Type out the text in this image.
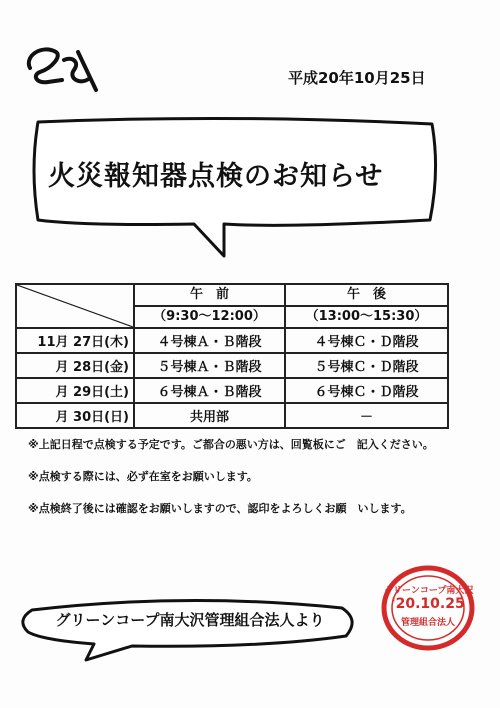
平成20年10月25日
火災報知器点検のお知らせ
	午　前	午　後
	（9:30～12:00）	（13:00～15:30）
11月 27日(木)	４号棟Ａ・Ｂ階段	４号棟Ｃ・Ｄ階段
月 28日(金)	５号棟Ａ・Ｂ階段	５号棟Ｃ・Ｄ階段
月 29日(土)	６号棟Ａ・Ｂ階段	６号棟Ｃ・Ｄ階段
月 30日(日)	共用部	－
※上記日程で点検する予定です。ご都合の悪い方は、回覧板にご　記入ください。
※点検する際には、必ず在室をお願いします。
※点検終了後には確認をお願いしますので、認印をよろしくお願　いします。
グリーンコープ南大沢管理組合法人より
グリーンコープ南大沢
'20.10.25
管理組合法人
